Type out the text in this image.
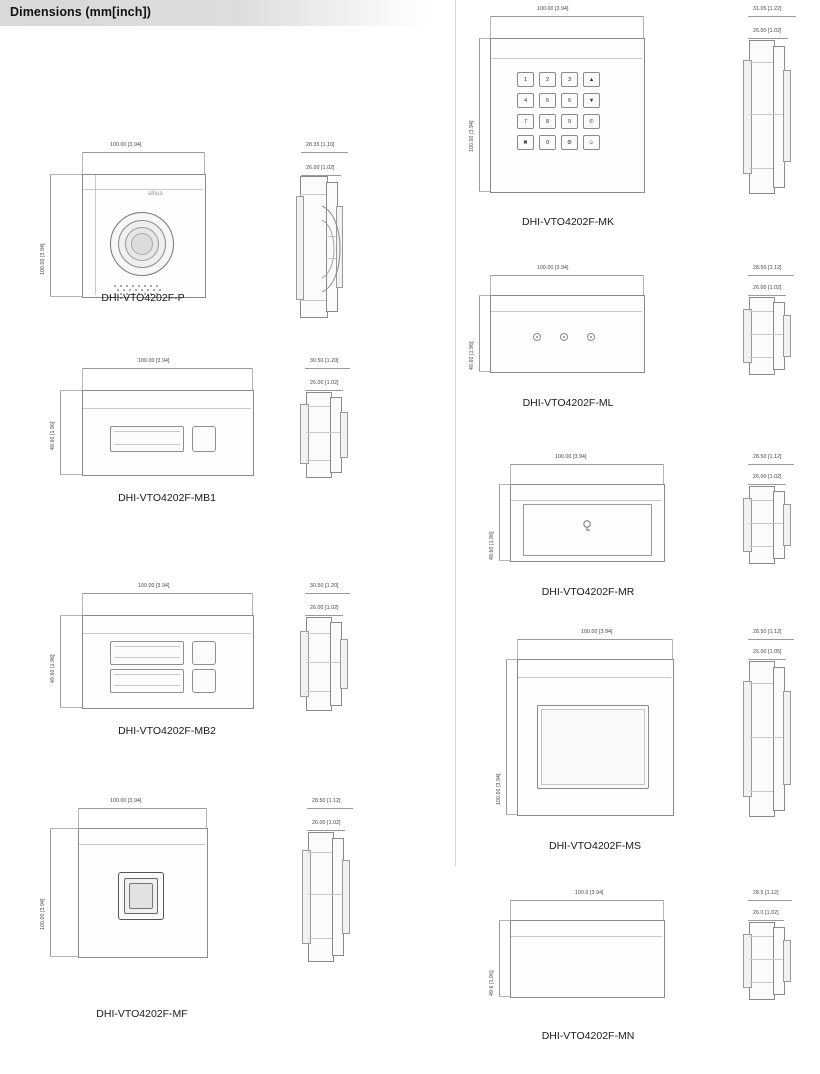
Dimensions (mm[inch])
100.00 [3.94]
100.00 [3.94]
alhua
28.35 [1.10]
26.00 [1.02]
DHI-VTO4202F-P
100.00 [3.94]
49.60 [1.96]
30.50 [1.20]
26.00 [1.02]
DHI-VTO4202F-MB1
100.00 [3.94]
49.60 [1.96]
30.50 [1.20]
26.00 [1.02]
DHI-VTO4202F-MB2
100.00 [3.94]
100.00 [3.94]
28.50 [1.12]
26.00 [1.02]
DHI-VTO4202F-MF
100.00 [3.94]
100.00 [3.94]
1	2	3	▲
4	5	6	▼
7	8	9	✆
✖	0	⚙	☺
31.05 [1.22]
26.00 [1.02]
DHI-VTO4202F-MK
100.00 [3.94]
49.60 [1.96]
28.50 [1.12]
26.00 [1.02]
DHI-VTO4202F-ML
100.00 [3.94]
49.60 [1.96]
28.50 [1.12]
26.00 [1.02]
DHI-VTO4202F-MR
100.00 [3.94]
100.00 [3.94]
28.50 [1.12]
26.00 [1.05]
DHI-VTO4202F-MS
100.0 [3.94]
49.6 [1.96]
28.5 [1.12]
26.0 [1.02]
DHI-VTO4202F-MN
